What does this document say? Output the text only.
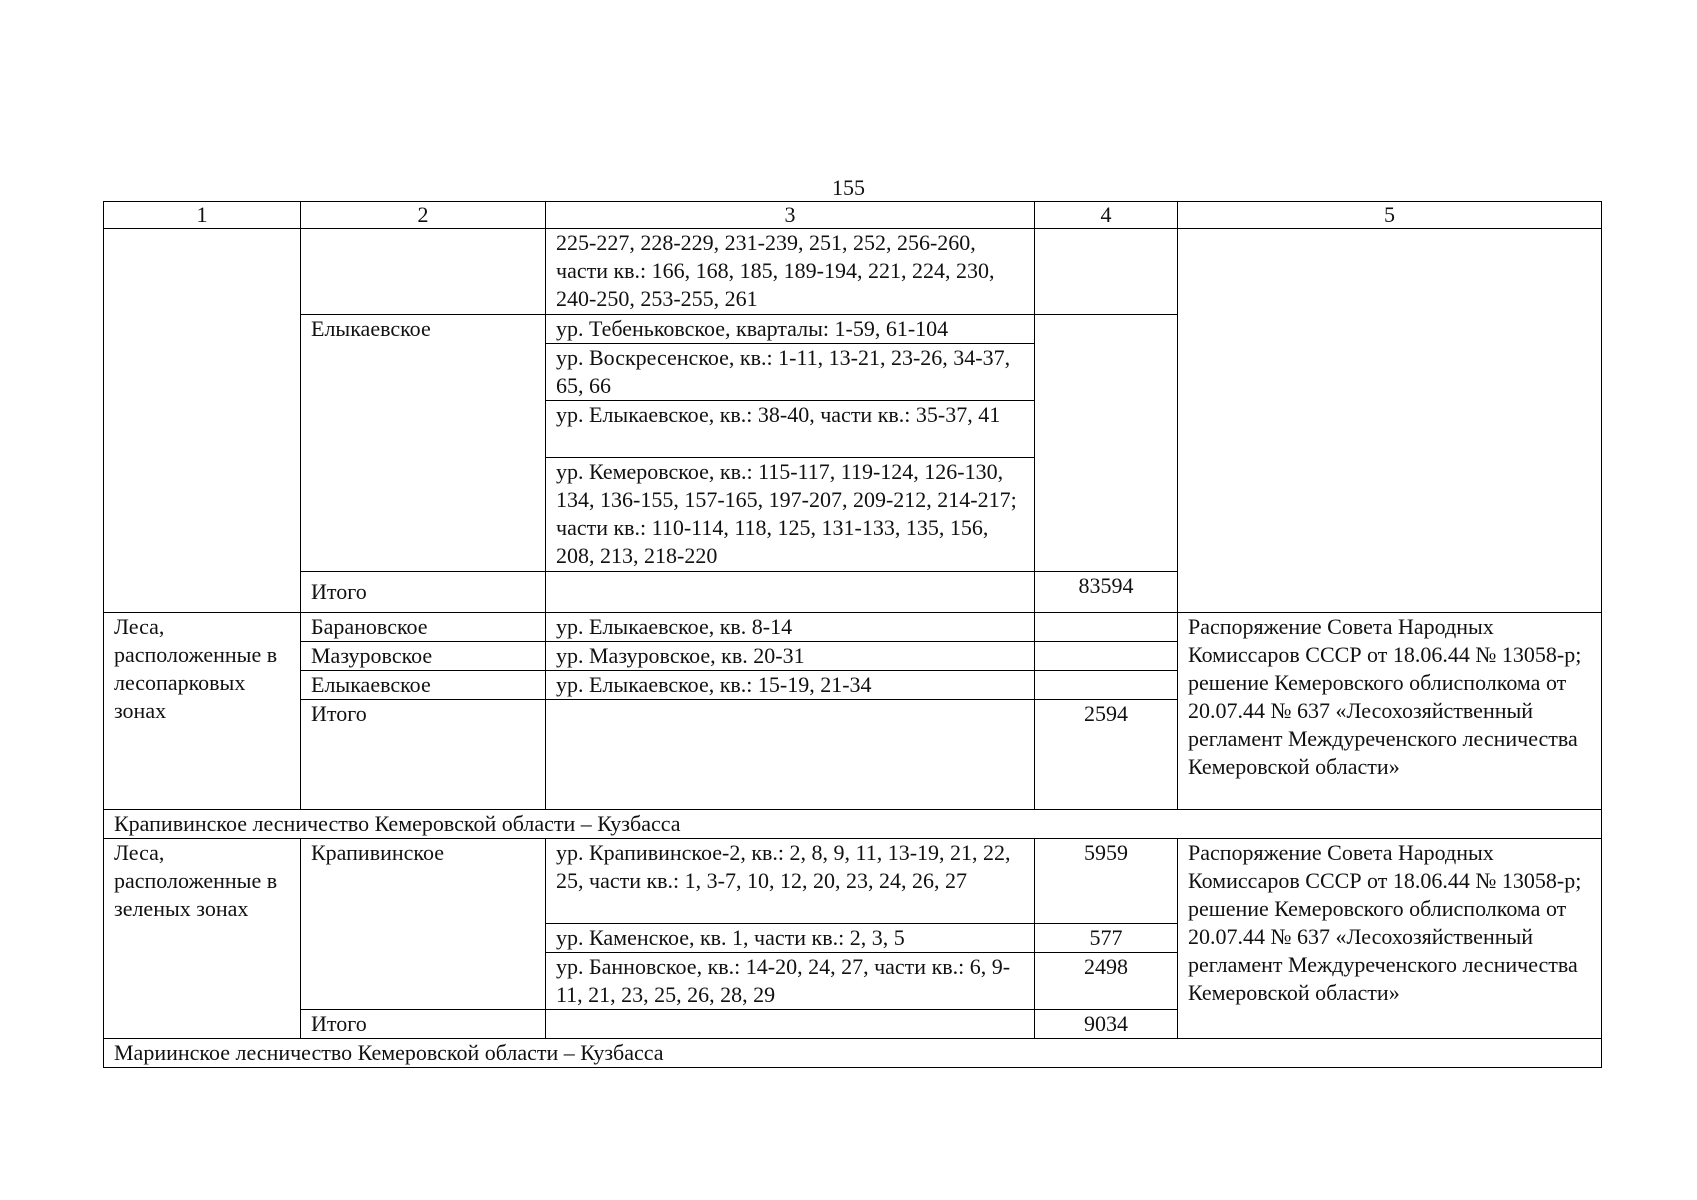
155
1	2	3	4	5
		225-227, 228-229, 231-239, 251, 252, 256-260, части кв.: 166, 168, 185, 189-194, 221, 224, 230, 240-250, 253-255, 261		
	Елыкаевское	ур. Тебеньковское, кварталы: 1-59, 61-104		
		ур. Воскресенское, кв.: 1-11, 13-21, 23-26, 34-37, 65, 66		
		ур. Елыкаевское, кв.: 38-40, части кв.: 35-37, 41		
		ур. Кемеровское, кв.: 115-117, 119-124, 126-130, 134, 136-155, 157-165, 197-207, 209-212, 214-217; части кв.: 110-114, 118, 125, 131-133, 135, 156, 208, 213, 218-220		
	Итого		83594	
Леса, расположенные в лесопарковых зонах	Барановское	ур. Елыкаевское, кв. 8-14		Распоряжение Совета Народных Комиссаров СССР от 18.06.44 № 13058-р; решение Кемеровского облисполкома от 20.07.44 № 637 «Лесохозяйственный регламент Междуреченского лесничества Кемеровской области»
	Мазуровское	ур. Мазуровское, кв. 20-31		
	Елыкаевское	ур. Елыкаевское, кв.: 15-19, 21-34		
	Итого		2594	
Крапивинское лесничество Кемеровской области – Кузбасса				
Леса, расположенные в зеленых зонах	Крапивинское	ур. Крапивинское-2, кв.: 2, 8, 9, 11, 13-19, 21, 22, 25, части кв.: 1, 3-7, 10, 12, 20, 23, 24, 26, 27	5959	Распоряжение Совета Народных Комиссаров СССР от 18.06.44 № 13058-р; решение Кемеровского облисполкома от 20.07.44 № 637 «Лесохозяйственный регламент Междуреченского лесничества Кемеровской области»
		ур. Каменское, кв. 1, части кв.: 2, 3, 5	577	
		ур. Банновское, кв.: 14-20, 24, 27, части кв.: 6, 9-11, 21, 23, 25, 26, 28, 29	2498	
	Итого		9034	
Мариинское лесничество Кемеровской области – Кузбасса				
